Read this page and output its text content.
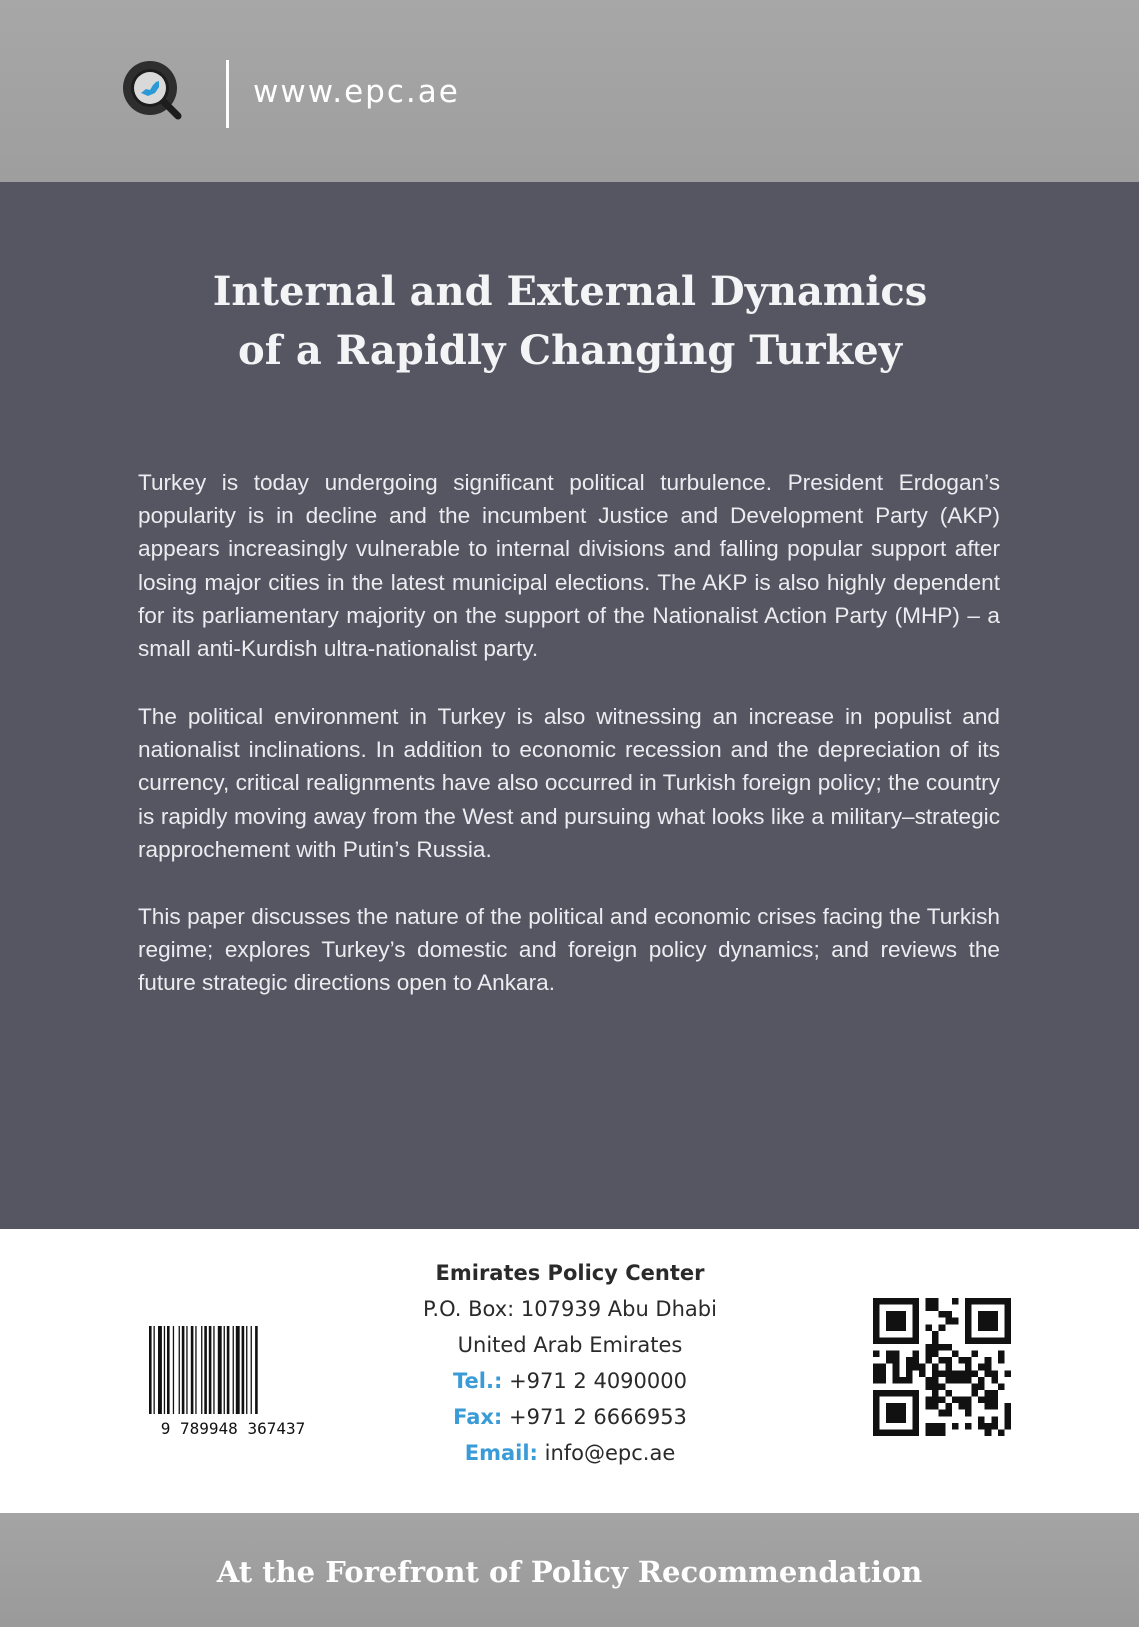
www.epc.ae
Internal and External Dynamics
of a Rapidly Changing Turkey

Turkey is today undergoing significant political turbulence. President Erdogan’s popularity is in decline and the incumbent Justice and Development Party (AKP) appears increasingly vulnerable to internal divisions and falling popular support after losing major cities in the latest municipal elections. The AKP is also highly dependent for its parliamentary majority on the support of the Nationalist Action Party (MHP) – a small anti-Kurdish ultra-nationalist party.

The political environment in Turkey is also witnessing an increase in populist and nationalist inclinations. In addition to economic recession and the depreciation of its currency, critical realignments have also occurred in Turkish foreign policy; the country is rapidly moving away from the West and pursuing what looks like a military–strategic rapprochement with Putin’s Russia.

This paper discusses the nature of the political and economic crises facing the Turkish regime; explores Turkey’s domestic and foreign policy dynamics; and reviews the future strategic directions open to Ankara.

9 789948 367437
Emirates Policy Center
P.O. Box: 107939 Abu Dhabi
United Arab Emirates
Tel.: +971 2 4090000
Fax: +971 2 6666953
Email: info@epc.ae

At the Forefront of Policy Recommendation
